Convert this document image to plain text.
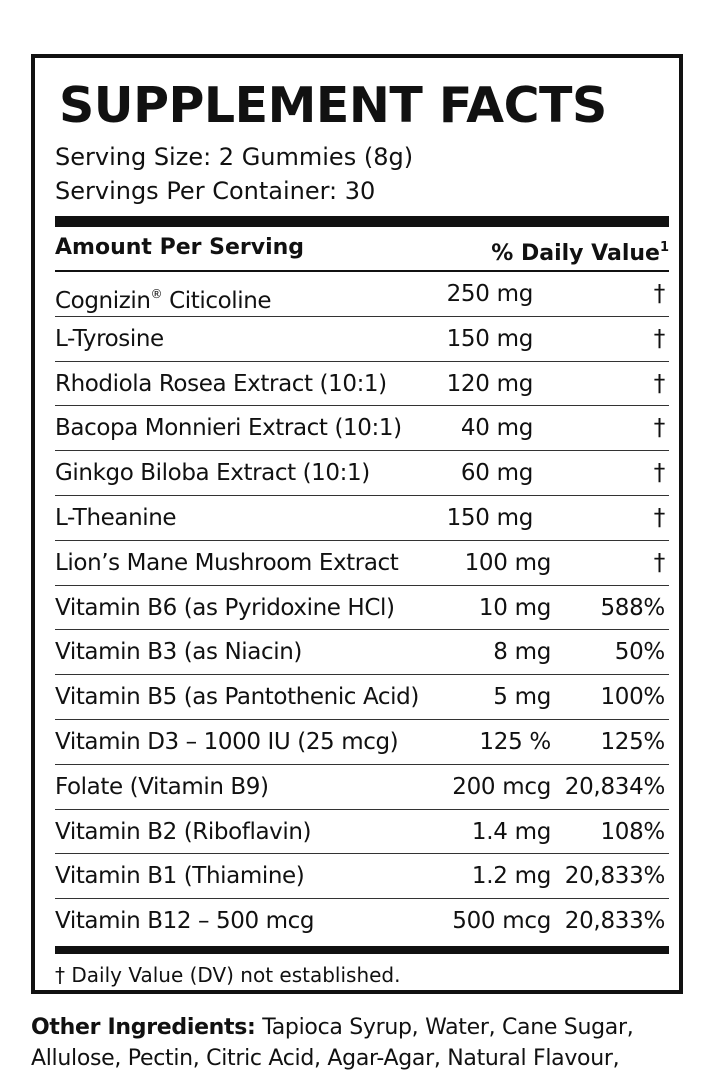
SUPPLEMENT FACTS
Serving Size: 2 Gummies (8g)
Servings Per Container: 30
Amount Per Serving	% Daily Value$^1$
Cognizin® Citicoline	250 mg	†
L-Tyrosine	150 mg	†
Rhodiola Rosea Extract (10:1)	120 mg	†
Bacopa Monnieri Extract (10:1)	40 mg	†
Ginkgo Biloba Extract (10:1)	60 mg	†
L-Theanine	150 mg	†
Lion’s Mane Mushroom Extract	100 mg	†
Vitamin B6 (as Pyridoxine HCl)	10 mg 588%
Vitamin B3 (as Niacin)	8 mg	50%
Vitamin B5 (as Pantothenic Acid)	5 mg 100%
Vitamin D3 – 1000 IU (25 mcg)	125 % 125%
Folate (Vitamin B9)	200 mcg 20,834%
Vitamin B2 (Riboflavin)	1.4 mg 108%
Vitamin B1 (Thiamine)	1.2 mg 20,833%
Vitamin B12 – 500 mcg	500 mcg 20,833%
† Daily Value (DV) not established.
Other Ingredients: Tapioca Syrup, Water, Cane Sugar, Allulose, Pectin, Citric Acid, Agar-Agar, Natural Flavour,
